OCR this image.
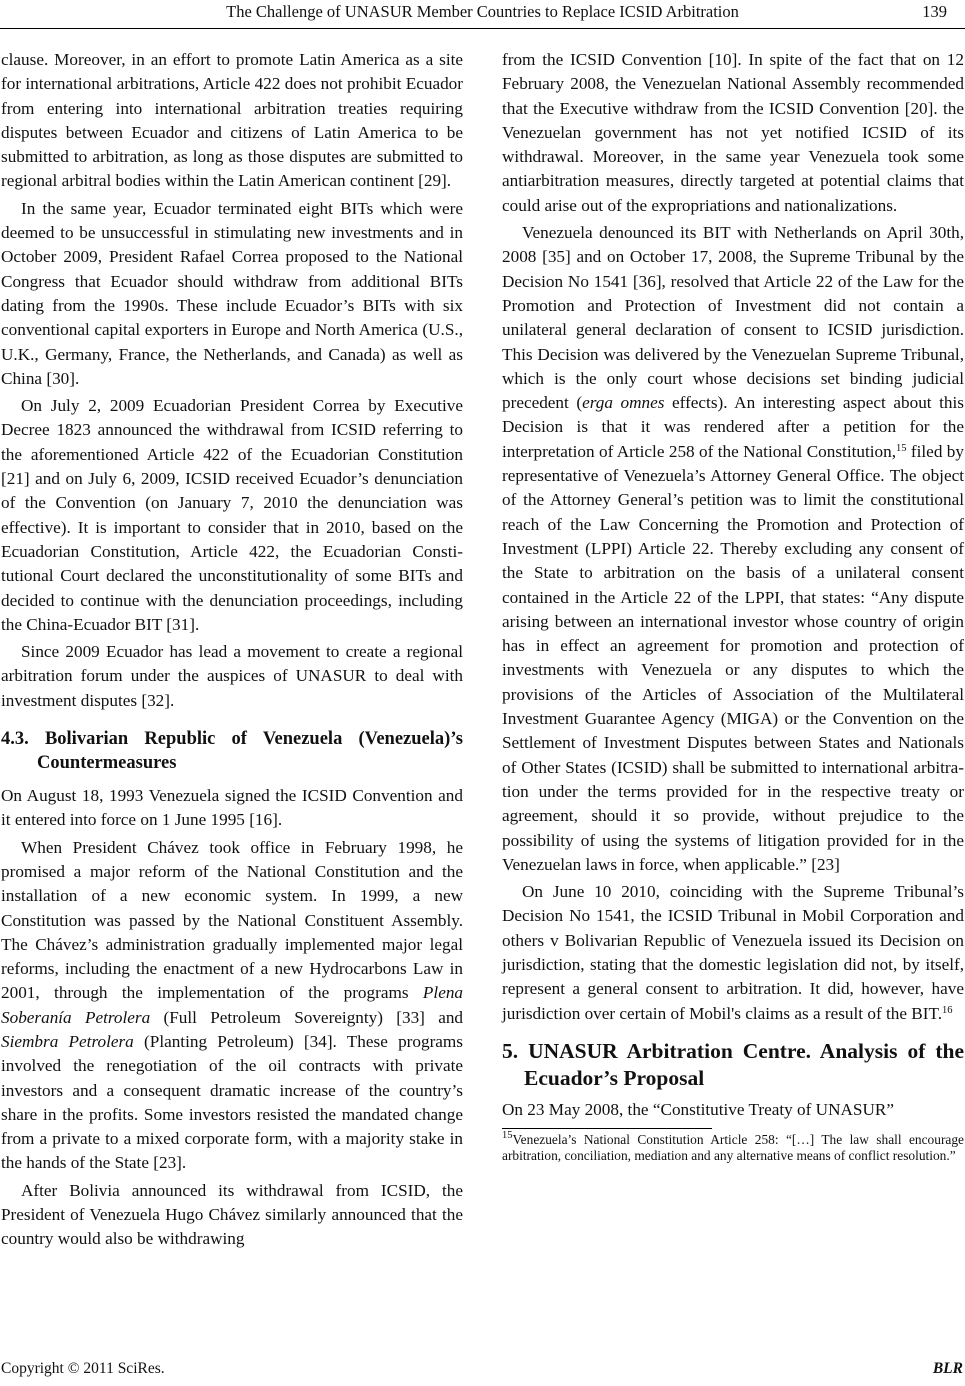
The Challenge of UNASUR Member Countries to Replace ICSID Arbitration	139

clause. Moreover, in an effort to promote Latin America as a site for international arbitrations, Article 422 does not prohibit Ecuador from entering into international arbitration treaties requiring disputes between Ecuador and citizens of Latin America to be submitted to arbitration, as long as those disputes are submitted to regional arbitral bodies within the Latin American continent [29].

In the same year, Ecuador terminated eight BITs which were deemed to be unsuccessful in stimulating new investments and in October 2009, President Rafael Correa proposed to the National Congress that Ecuador should withdraw from additional BITs dating from the 1990s. These include Ecuador’s BITs with six conventional capital exporters in Europe and North America (U.S., U.K., Germany, France, the Netherlands, and Canada) as well as China [30].

On July 2, 2009 Ecuadorian President Correa by Executive Decree 1823 announced the withdrawal from ICSID referring to the aforementioned Article 422 of the Ecuadorian Constitution [21] and on July 6, 2009, ICSID received Ecuador’s denunciation of the Convention (on January 7, 2010 the denunciation was effective). It is important to consider that in 2010, based on the Ecuadorian Constitution, Article 422, the Ecuadorian Constitutional Court declared the unconstitutionality of some BITs and decided to continue with the denunciation proceedings, including the China-Ecuador BIT [31].

Since 2009 Ecuador has lead a movement to create a regional arbitration forum under the auspices of UNASUR to deal with investment disputes [32].

4.3. Bolivarian Republic of Venezuela (Venezuela)’s Countermeasures

On August 18, 1993 Venezuela signed the ICSID Convention and it entered into force on 1 June 1995 [16].

When President Chávez took office in February 1998, he promised a major reform of the National Constitution and the installation of a new economic system. In 1999, a new Constitution was passed by the National Constituent Assembly. The Chávez’s administration gradually implemented major legal reforms, including the enactment of a new Hydrocarbons Law in 2001, through the implementation of the programs Plena Soberanía Petrolera (Full Petroleum Sovereignty) [33] and Siembra Petrolera (Planting Petroleum) [34]. These programs involved the renegotiation of the oil contracts with private investors and a consequent dramatic increase of the country’s share in the profits. Some investors resisted the mandated change from a private to a mixed corporate form, with a majority stake in the hands of the State [23].

After Bolivia announced its withdrawal from ICSID, the President of Venezuela Hugo Chávez similarly announced that the country would also be withdrawing

from the ICSID Convention [10]. In spite of the fact that on 12 February 2008, the Venezuelan National Assembly recommended that the Executive withdraw from the ICSID Convention [20]. the Venezuelan government has not yet notified ICSID of its withdrawal. Moreover, in the same year Venezuela took some antiarbitration measures, directly targeted at potential claims that could arise out of the expropriations and nationalizations.

Venezuela denounced its BIT with Netherlands on April 30th, 2008 [35] and on October 17, 2008, the Supreme Tribunal by the Decision No 1541 [36], resolved that Article 22 of the Law for the Promotion and Protection of Investment did not contain a unilateral general declaration of consent to ICSID jurisdiction. This Decision was delivered by the Venezuelan Supreme Tribunal, which is the only court whose decisions set binding judicial precedent (erga omnes effects). An interesting aspect about this Decision is that it was rendered after a petition for the interpretation of Article 258 of the National Constitution,$^{15}$ filed by representative of Venezuela’s Attorney General Office. The object of the Attorney General’s petition was to limit the constitutional reach of the Law Concerning the Promotion and Protection of Investment (LPPI) Article 22. Thereby excluding any consent of the State to arbitration on the basis of a unilateral consent contained in the Article 22 of the LPPI, that states: “Any dispute arising between an international investor whose country of origin has in effect an agreement for promotion and protection of investments with Venezuela or any disputes to which the provisions of the Articles of Association of the Multilateral Investment Guarantee Agency (MIGA) or the Convention on the Settlement of Investment Disputes between States and Nationals of Other States (ICSID) shall be submitted to international arbitration under the terms provided for in the respective treaty or agreement, should it so provide, without prejudice to the possibility of using the systems of litigation provided for in the Venezuelan laws in force, when applicable.” [23]

On June 10 2010, coinciding with the Supreme Tribunal’s Decision No 1541, the ICSID Tribunal in Mobil Corporation and others v Bolivarian Republic of Venezuela issued its Decision on jurisdiction, stating that the domestic legislation did not, by itself, represent a general consent to arbitration. It did, however, have jurisdiction over certain of Mobil's claims as a result of the BIT.$^{16}$

5. UNASUR Arbitration Centre. Analysis of the Ecuador’s Proposal

On 23 May 2008, the “Constitutive Treaty of UNASUR”

$^{15}$Venezuela’s National Constitution Article 258: “[…] The law shall encourage arbitration, conciliation, mediation and any alternative means of conflict resolution.”
Copyright © 2011 SciRes.	BLR
